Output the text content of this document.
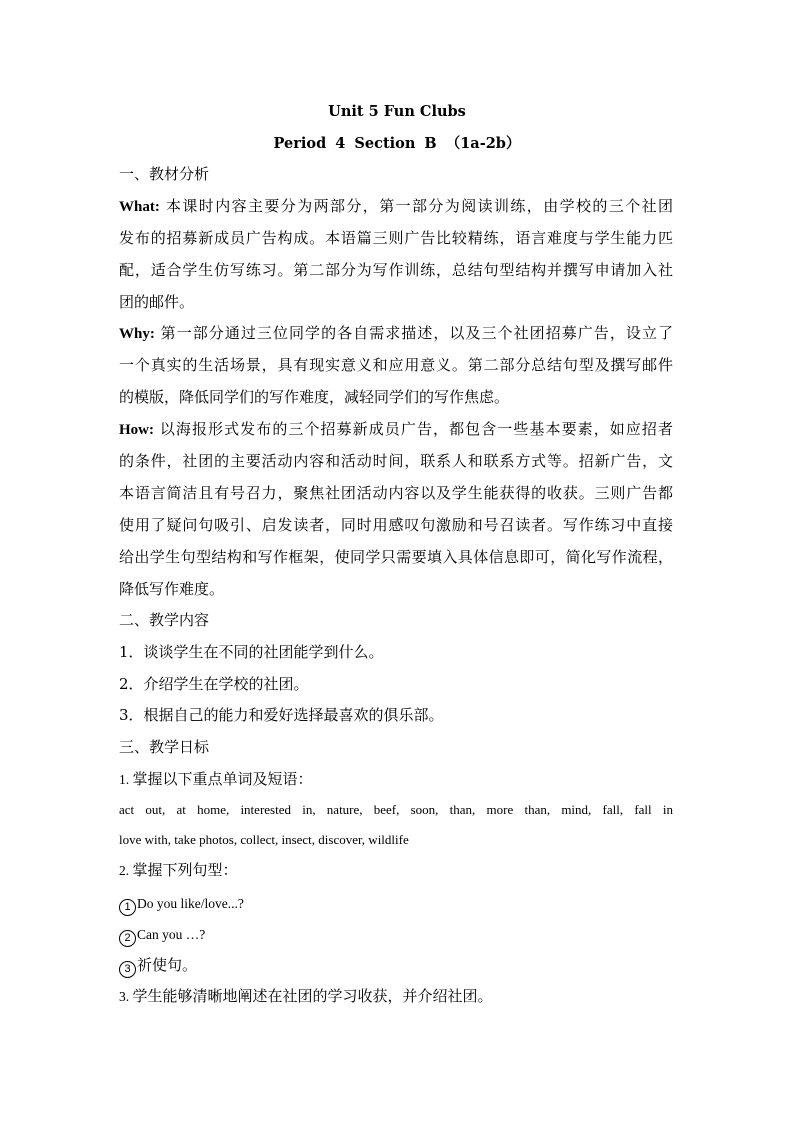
Unit 5 Fun Clubs
Period 4 Section B （1a-2b）
一、教材分析
What: 本课时内容主要分为两部分，第一部分为阅读训练，由学校的三个社团
发布的招募新成员广告构成。本语篇三则广告比较精练，语言难度与学生能力匹
配，适合学生仿写练习。第二部分为写作训练，总结句型结构并撰写申请加入社
团的邮件。
Why: 第一部分通过三位同学的各自需求描述，以及三个社团招募广告，设立了
一个真实的生活场景，具有现实意义和应用意义。第二部分总结句型及撰写邮件
的模版，降低同学们的写作难度，减轻同学们的写作焦虑。
How: 以海报形式发布的三个招募新成员广告，都包含一些基本要素，如应招者
的条件，社团的主要活动内容和活动时间，联系人和联系方式等。招新广告，文
本语言简洁且有号召力，聚焦社团活动内容以及学生能获得的收获。三则广告都
使用了疑问句吸引、启发读者，同时用感叹句激励和号召读者。写作练习中直接
给出学生句型结构和写作框架，使同学只需要填入具体信息即可，简化写作流程，
降低写作难度。
二、教学内容
1．谈谈学生在不同的社团能学到什么。
2．介绍学生在学校的社团。
3．根据自己的能力和爱好选择最喜欢的俱乐部。
三、教学日标
1. 掌握以下重点单词及短语：
act out, at home, interested in, nature, beef, soon, than, more than, mind, fall, fall in
love with, take photos, collect, insect, discover, wildlife
2. 掌握下列句型：
1 Do you like/love...?
2 Can you …?
3 祈使句。
3. 学生能够清晰地阐述在社团的学习收获，并介绍社团。
